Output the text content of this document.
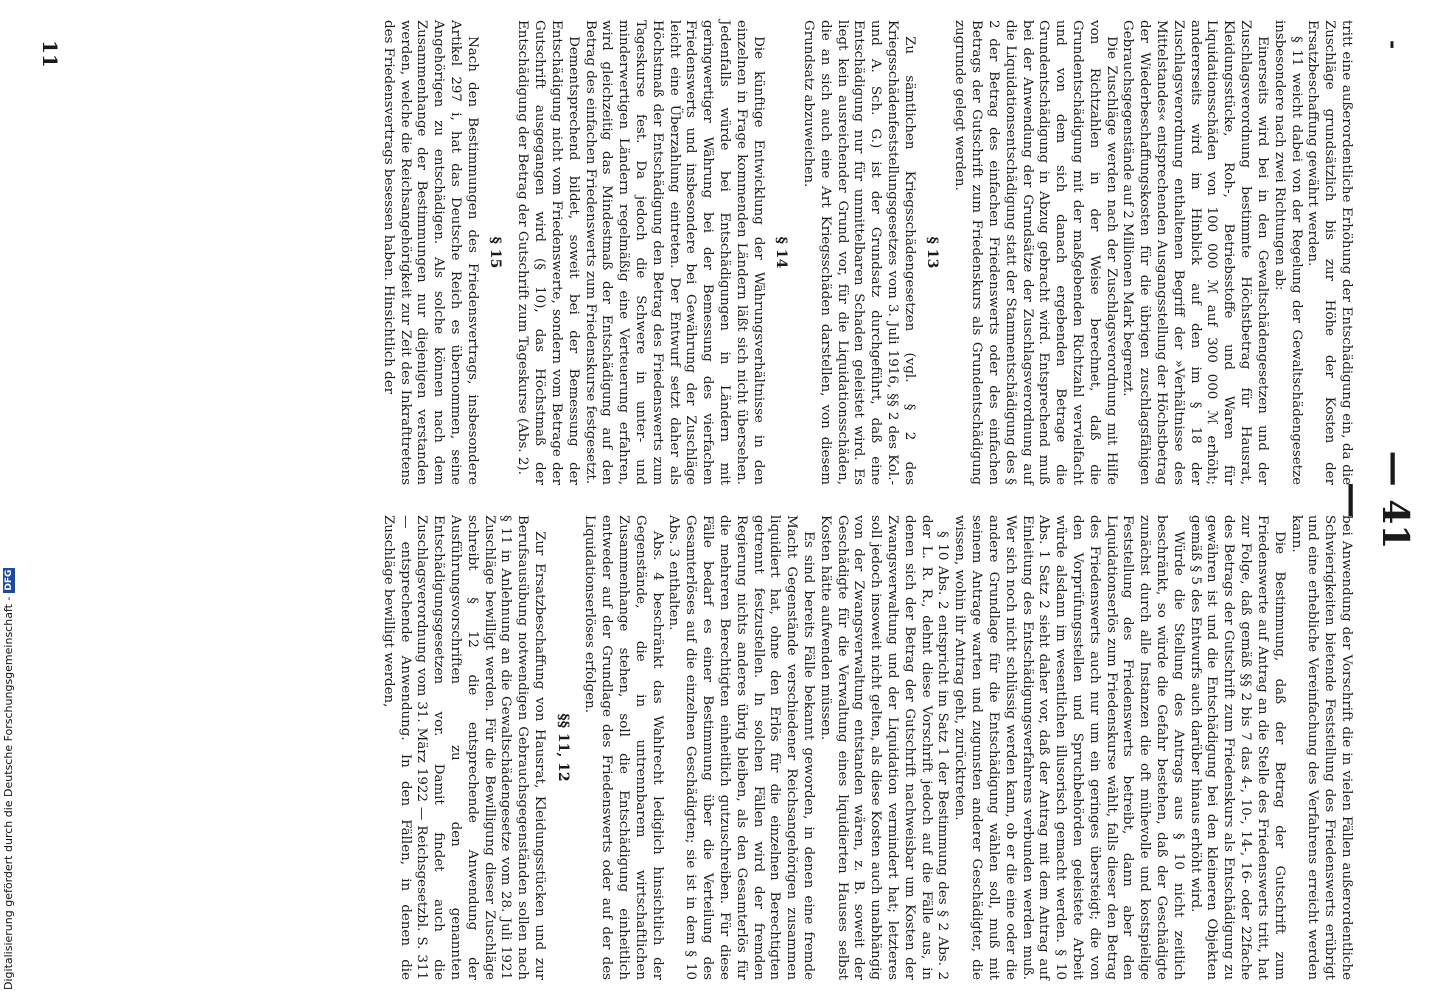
Digitalisierung gefördert durch die Deutsche Forschungsgemeinschaft -
DFG
-
— 41 —

tritt eine außerordentliche Erhöhung der Entschädigung ein, da die Zuschläge grundsätzlich bis zur Höhe der Kosten der Ersatzbeschaffung gewährt werden.

§ 11 weicht dabei von der Regelung der Gewaltschädengesetze insbesondere nach zwei Richtungen ab:

Einerseits wird bei in den Gewaltschädengesetzen und der Zuschlagsverordnung bestimmte Höchstbetrag für Hausrat, Kleidungsstücke, Roh-, Betriebsstoffe und Waren für Liquidationsschäden von 100 000 ℳ auf 300 000 ℳ erhöht; andererseits wird im Hinblick auf den im § 18 der Zuschlagsverordnung enthaltenen Begriff der »Verhältnisse des Mittelstandes« entsprechenden Ausgangsstellung der Höchstbetrag der Wiederbeschaffungskosten für die übrigen zuschlagsfähigen Gebrauchsgegenstände auf 2 Millionen Mark begrenzt.

Die Zuschläge werden nach der Zuschlagsverordnung mit Hilfe von Richtzahlen in der Weise berechnet, daß die Grundentschädigung mit der maßgebenden Richtzahl vervielfacht und von dem sich danach ergebenden Betrage die Grundentschädigung in Abzug gebracht wird. Entsprechend muß bei der Anwendung der Grundsätze der Zuschlagsverordnung auf die Liquidationsentschädigung statt der Stammentschädigung des § 2 der Betrag des einfachen Friedenswerts oder des einfachen Betrags der Gutschrift zum Friedenskurs als Grundentschädigung zugrunde gelegt werden.

§ 13

Zu sämtlichen Kriegsschädengesetzen (vgl. § 2 des Kriegsschädenfeststellungsgesetzes vom 3. Juli 1916, §§ 2 des Kol.- und A. Sch. G.) ist der Grundsatz durchgeführt, daß eine Entschädigung nur für unmittelbaren Schaden geleistet wird. Es liegt kein ausreichender Grund vor, für die Liquidationsschäden, die an sich auch eine Art Kriegsschäden darstellen, von diesem Grundsatz abzuweichen.

§ 14

Die künftige Entwicklung der Währungsverhältnisse in den einzelnen in Frage kommenden Ländern läßt sich nicht übersehen. Jedenfalls würde bei Entschädigungen in Ländern mit geringwertiger Währung bei der Bemessung des vierfachen Friedenswerts und insbesondere bei Gewährung der Zuschläge leicht eine Überzahlung eintreten. Der Entwurf setzt daher als Höchstmaß der Entschädigung den Betrag des Friedenswerts zum Tageskurse fest. Da jedoch die Schwere in unter- und minderwertigen Ländern regelmäßig eine Verteuerung erfahren, wird gleichzeitig das Mindestmaß der Entschädigung auf den Betrag des einfachen Friedenswerts zum Friedenskurse festgesetzt.

Dementsprechend bildet, soweit bei der Bemessung der Entschädigung nicht vom Friedenswerte, sondern vom Betrage der Gutschrift ausgegangen wird (§ 10), das Höchstmaß der Entschädigung der Betrag der Gutschrift zum Tageskurse (Abs. 2).

§ 15

Nach den Bestimmungen des Friedensvertrags, insbesondere Artikel 297 i, hat das Deutsche Reich es übernommen, seine Angehörigen zu entschädigen. Als solche können nach dem Zusammenhange der Bestimmungen nur diejenigen verstanden werden, welche die Reichsangehörigkeit zur Zeit des Inkrafttretens des Friedensvertrags besessen haben. Hinsichtlich der

bei Anwendung der Vorschrift die in vielen Fällen außerordentliche Schwierigkeiten bietende Feststellung des Friedenswerts erübrigt und eine erhebliche Vereinfachung des Verfahrens erreicht werden kann.

Die Bestimmung, daß der Betrag der Gutschrift zum Friedenswerte auf Antrag an die Stelle des Friedenswerts tritt, hat zur Folge, daß gemäß §§ 2 bis 7 das 4-, 10-, 14-, 16- oder 22fache des Betrags der Gutschrift zum Friedenskurs als Entschädigung zu gewähren ist und die Entschädigung bei den kleineren Objekten gemäß § 5 des Entwurfs auch darüber hinaus erhöht wird.

Würde die Stellung des Antrags aus § 10 nicht zeitlich beschränkt, so würde die Gefahr bestehen, daß der Geschädigte zunächst durch alle Instanzen die oft mühevolle und kostspielige Feststellung des Friedenswerts betreibt, dann aber den Liquidationserlös zum Friedenskurse wählt, falls dieser den Betrag des Friedenswerts auch nur um ein geringes übersteigt; die von den Vorprüfungsstellen und Spruchbehörden geleistete Arbeit würde alsdann im wesentlichen illusorisch gemacht werden. § 10 Abs. 1 Satz 2 sieht daher vor, daß der Antrag mit dem Antrag auf Einleitung des Entschädigungsverfahrens verbunden werden muß. Wer sich noch nicht schlüssig werden kann, ob er die eine oder die andere Grundlage für die Entschädigung wählen soll, muß mit seinem Antrage warten und zugunsten anderer Geschädigter, die wissen, wohin ihr Antrag geht, zurücktreten.

§ 10 Abs. 2 entspricht im Satz 1 der Bestimmung des § 2 Abs. 2 der L. R. R., dehnt diese Vorschrift jedoch auf die Fälle aus, in denen sich der Betrag der Gutschrift nachweisbar um Kosten der Zwangsverwaltung und der Liquidation vermindert hat; letzteres soll jedoch insoweit nicht gelten, als diese Kosten auch unabhängig von der Zwangsverwaltung entstanden wären, z. B. soweit der Geschädigte für die Verwaltung eines liquidierten Hauses selbst Kosten hätte aufwenden müssen.

Es sind bereits Fälle bekannt geworden, in denen eine fremde Macht Gegenstände verschiedener Reichsangehörigen zusammen liquidiert hat, ohne den Erlös für die einzelnen Berechtigten getrennt festzustellen. In solchen Fällen wird der fremden Regierung nichts anderes übrig bleiben, als den Gesamterlös für die mehreren Berechtigten einheitlich gutzuschreiben. Für diese Fälle bedarf es einer Bestimmung über die Verteilung des Gesamterlöses auf die einzelnen Geschädigten; sie ist in dem § 10 Abs. 3 enthalten.

Abs. 4 beschränkt das Wahlrecht lediglich hinsichtlich der Gegenstände, die in untrennbarem wirtschaftlichen Zusammenhange stehen, soll die Entschädigung einheitlich entweder auf der Grundlage des Friedenswerts oder auf der des Liquidationserlöses erfolgen.

§§ 11, 12

Zur Ersatzbeschaffung von Hausrat, Kleidungsstücken und zur Berufsausübung notwendigen Gebrauchsgegenständen sollen nach § 11 in Anlehnung an die Gewaltschädengesetze vom 28. Juli 1921 Zuschläge bewilligt werden. Für die Bewilligung dieser Zuschläge schreibt § 12 die entsprechende Anwendung der Ausführungsvorschriften zu den genannten Entschädigungsgesetzen vor. Damit findet auch die Zuschlagsverordnung vom 31. März 1922 — Reichsgesetzbl. S. 311 — entsprechende Anwendung. In den Fällen, in denen die Zuschläge bewilligt werden,

11
